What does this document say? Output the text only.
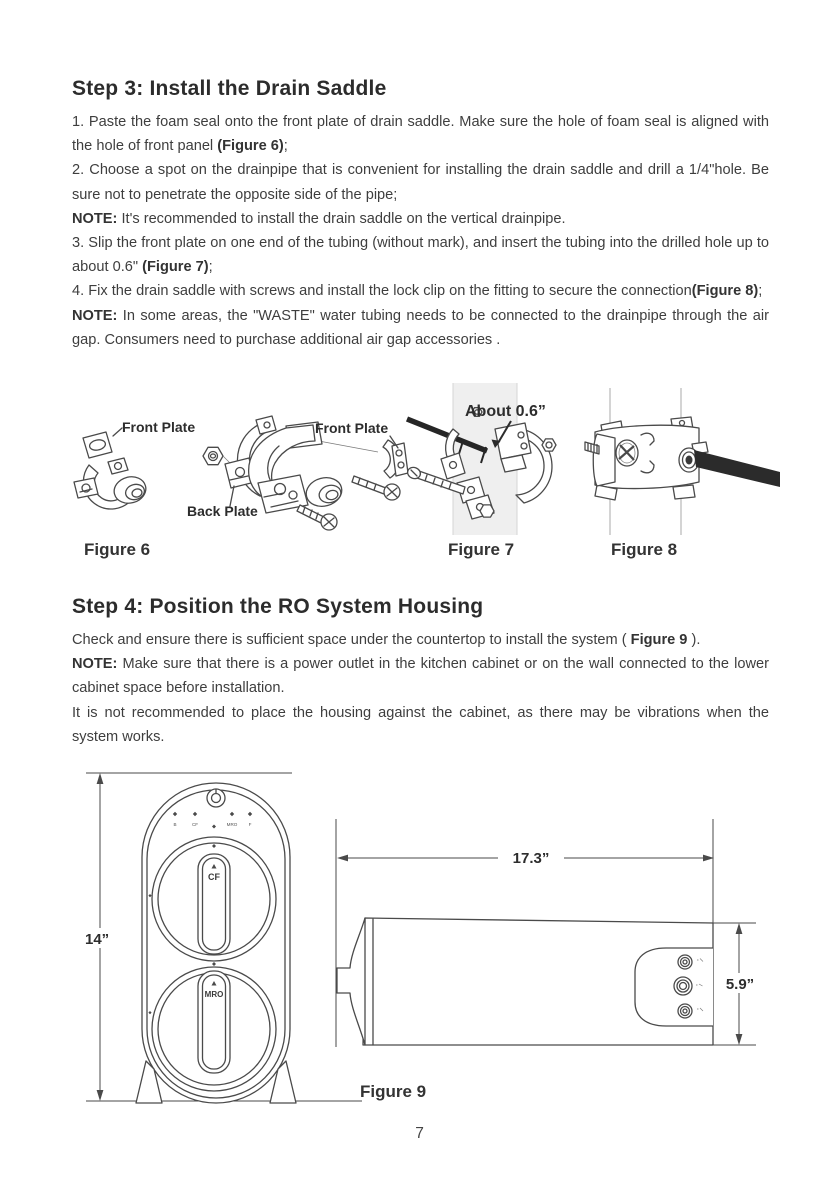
Step 3: Install the Drain Saddle

1. Paste the foam seal onto the front plate of drain saddle. Make sure the hole of foam seal is aligned with the hole of front panel (Figure 6);

2. Choose a spot on the drainpipe that is convenient for installing the drain saddle and drill a 1/4"hole. Be sure not to penetrate the opposite side of the pipe;

NOTE: It's recommended to install the drain saddle on the vertical drainpipe.

3. Slip the front plate on one end of the tubing (without mark), and insert the tubing into the drilled hole up to about 0.6" (Figure 7);

4. Fix the drain saddle with screws and install the lock clip on the fitting to secure the connection(Figure 8);

NOTE: In some areas, the "WASTE" water tubing needs to be connected to the drainpipe through the air gap. Consumers need to purchase additional air gap accessories .

Front Plate
Back Plate
Front Plate
About 0.6”
Figure 6	Figure 7	Figure 8
Step 4: Position the RO System Housing

Check and ensure there is sufficient space under the countertop to install the system ( Figure 9 ).

NOTE: Make sure that there is a power outlet in the kitchen cabinet or on the wall connected to the lower cabinet space before installation.

It is not recommended to place the housing against the cabinet, as there may be vibrations when the system works.

14”
B	CF	MRO F
CF
MRO
17.3”
5.9”
Figure 9
7
